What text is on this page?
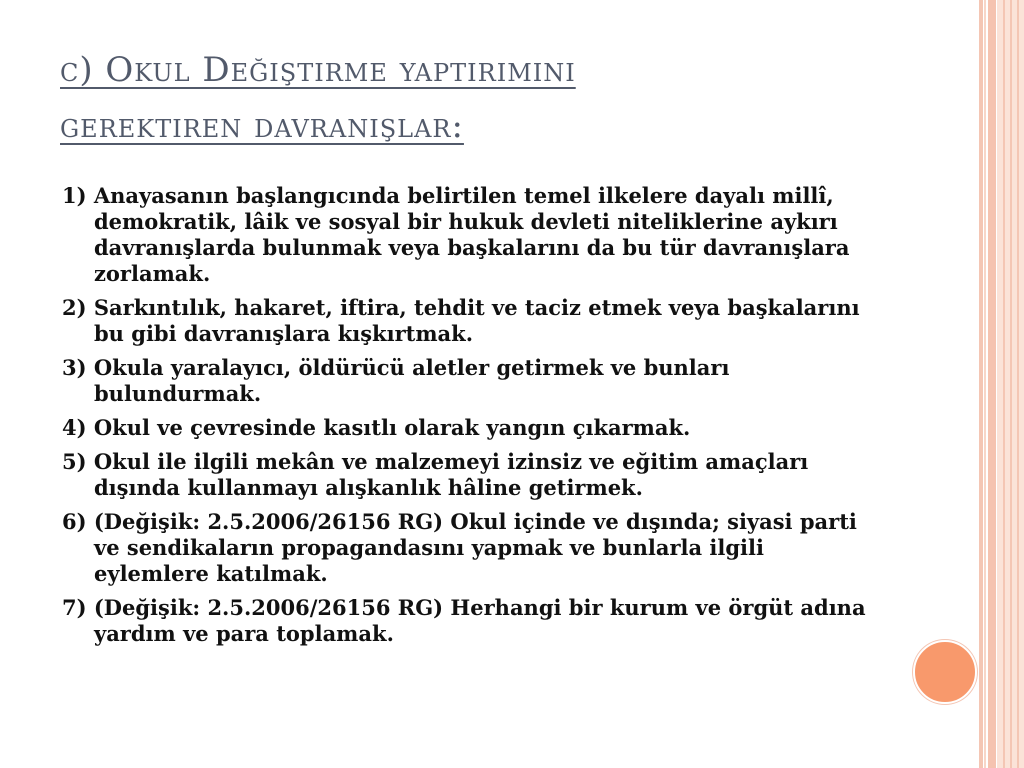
c) Okul Değiştirme yaptirimini
gerektiren davranişlar:
1) Anayasanın başlangıcında belirtilen temel ilkelere dayalı millî, demokratik, lâik ve sosyal bir hukuk devleti niteliklerine aykırı davranışlarda bulunmak veya başkalarını da bu tür davranışlara zorlamak.
2) Sarkıntılık, hakaret, iftira, tehdit ve taciz etmek veya başkalarını bu gibi davranışlara kışkırtmak.
3) Okula yaralayıcı, öldürücü aletler getirmek ve bunları bulundurmak.
4) Okul ve çevresinde kasıtlı olarak yangın çıkarmak.
5) Okul ile ilgili mekân ve malzemeyi izinsiz ve eğitim amaçları dışında kullanmayı alışkanlık hâline getirmek.
6) (Değişik: 2.5.2006/26156 RG) Okul içinde ve dışında; siyasi parti ve sendikaların propagandasını yapmak ve bunlarla ilgili eylemlere katılmak.
7) (Değişik: 2.5.2006/26156 RG) Herhangi bir kurum ve örgüt adına yardım ve para toplamak.
